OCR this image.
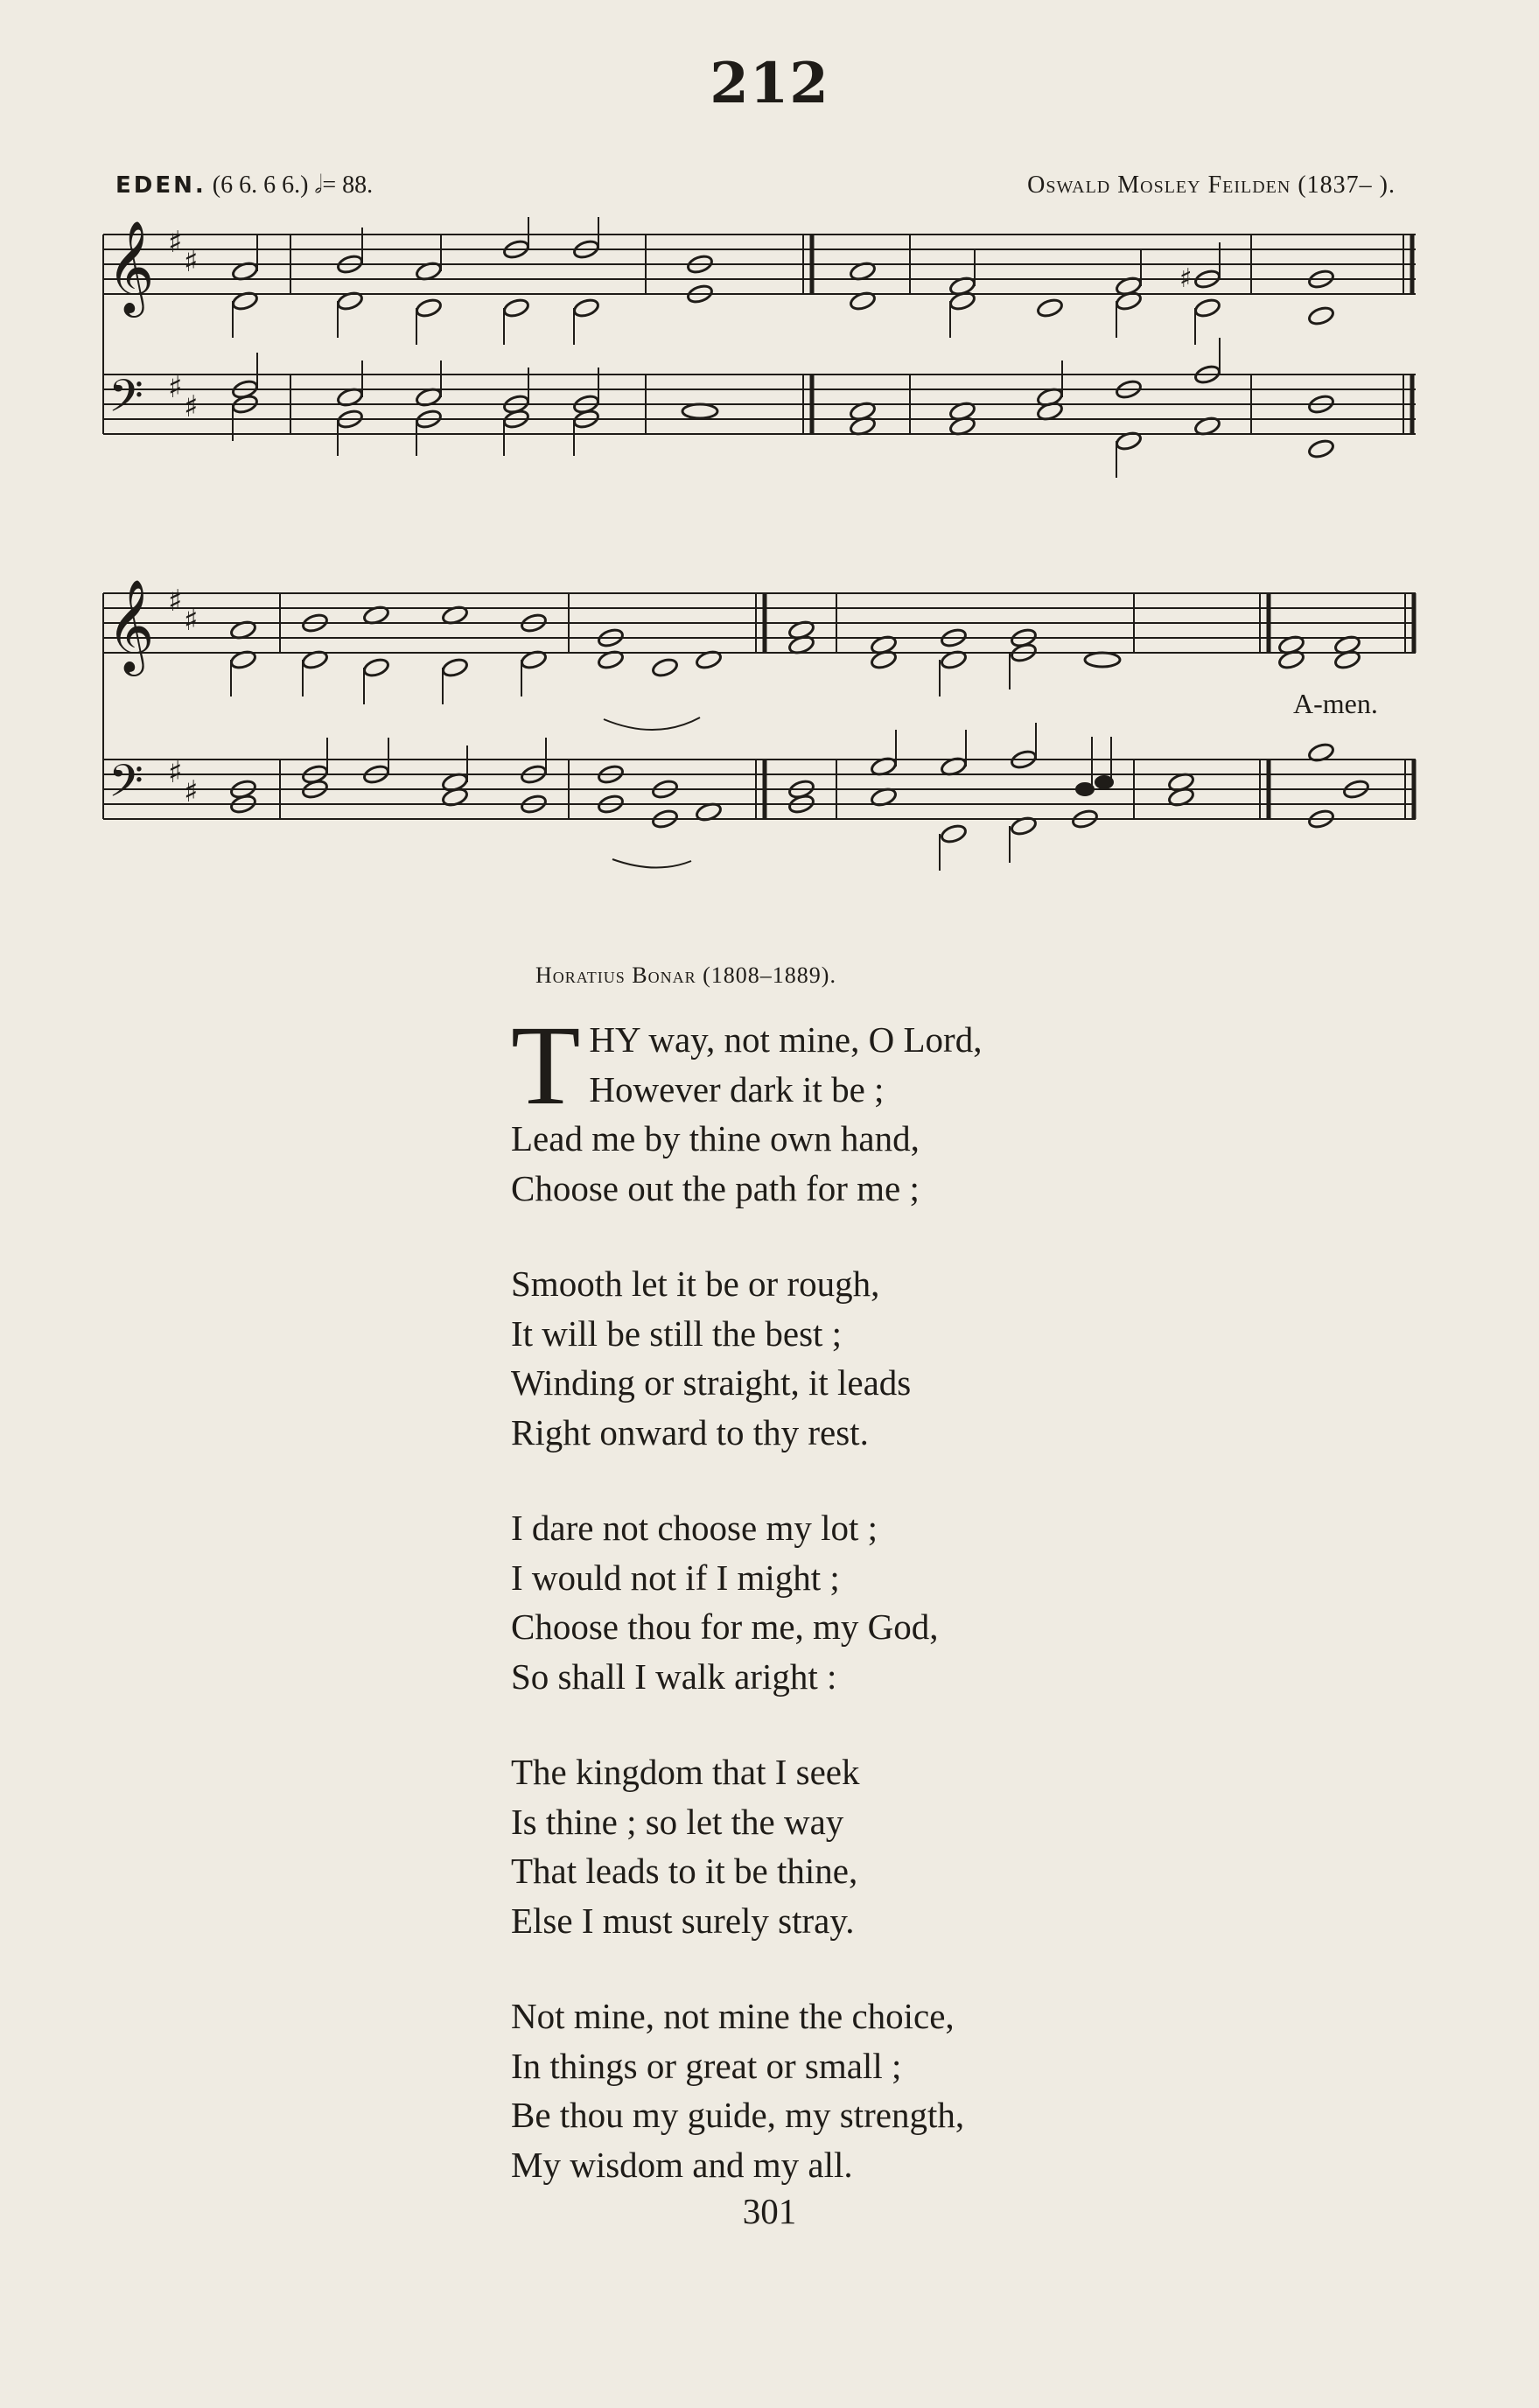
212
EDEN. (6 6. 6 6.) 𝅗𝅥= 88.	Oswald Mosley Feilden (1837– ).
𝄞
𝄢
♯
♯
♯
♯
♯
𝄞
𝄢
♯
♯
♯
♯
A-men.
Horatius Bonar (1808–1889).
T HY way, not mine, O Lord,
However dark it be ;
Lead me by thine own hand,
Choose out the path for me ;
Smooth let it be or rough,
It will be still the best ;
Winding or straight, it leads
Right onward to thy rest.
I dare not choose my lot ;
I would not if I might ;
Choose thou for me, my God,
So shall I walk aright :
The kingdom that I seek
Is thine ; so let the way
That leads to it be thine,
Else I must surely stray.
Not mine, not mine the choice,
In things or great or small ;
Be thou my guide, my strength,
My wisdom and my all.
301
